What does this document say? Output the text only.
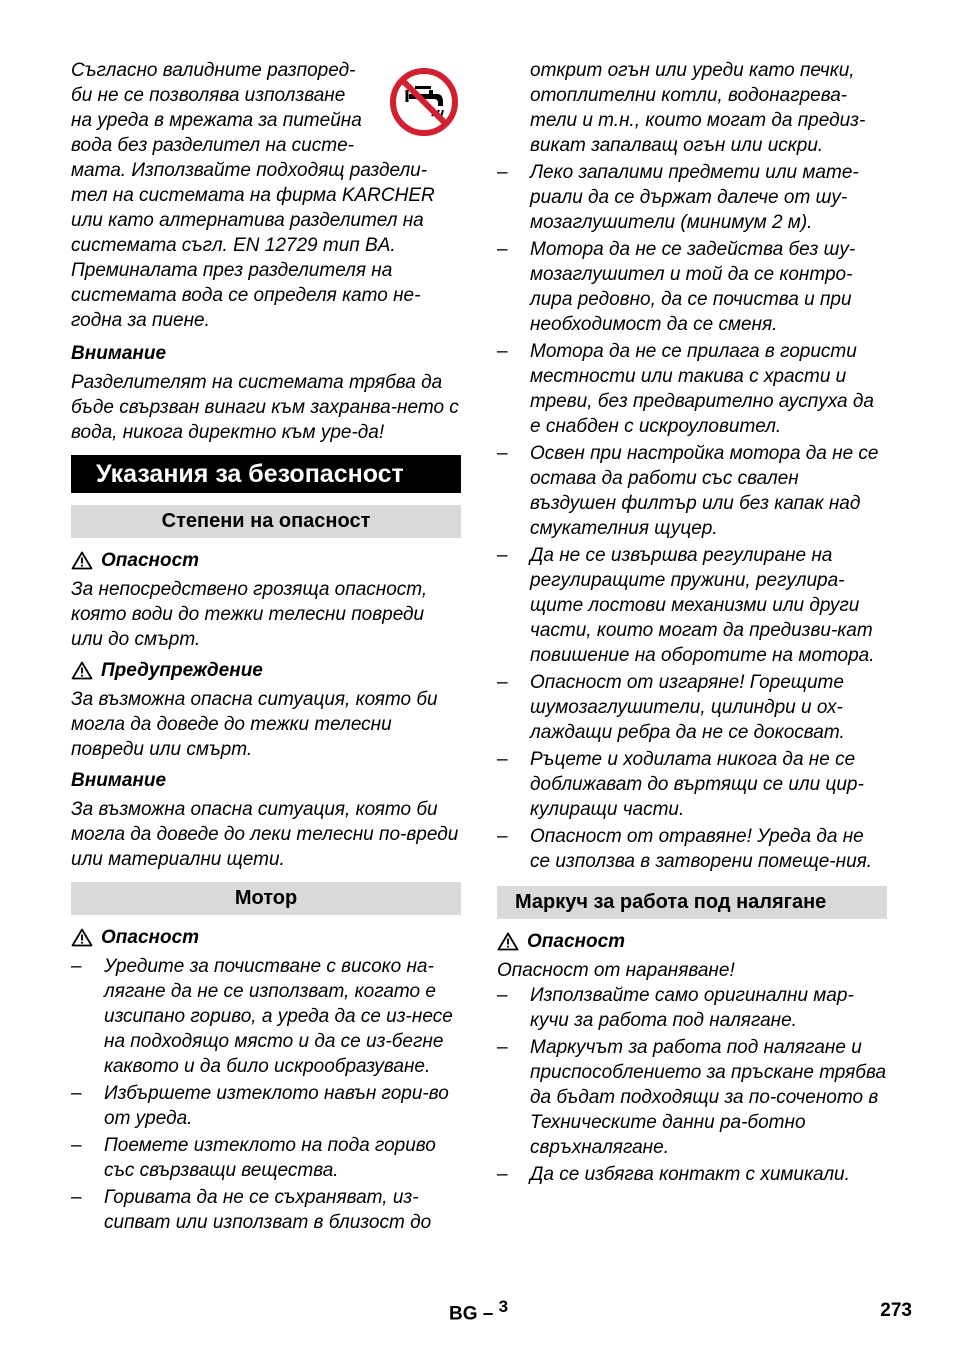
Съгласно валидните разпоред-

би не се позволява използване

на уреда в мрежата за питейна

вода без разделител на систе-

мата. Използвайте подходящ раздели-

тел на системата на фирма KARCHER

или като алтернатива разделител на

системата съгл. EN 12729 тип BA.

Преминалата през разделителя на

системата вода се определя като не-

годна за пиене.

Внимание

Разделителят на системата трябва да бъде свързван винаги към захранва-нето с вода, никога директно към уре-да!

Указания за безопасност
Степени на опасност
Опасност

За непосредствено грозяща опасност, която води до тежки телесни повреди или до смърт.

Предупреждение

За възможна опасна ситуация, която би могла да доведе до тежки телесни повреди или смърт.

Внимание

За възможна опасна ситуация, която би могла да доведе до леки телесни по-вреди или материални щети.

Мотор
Опасност
– Уредите за почистване с високо на-лягане да не се използват, когато е изсипано гориво, а уреда да се из-несе на подходящо място и да се из-бегне каквото и да било искрообразуване.
– Избършете изтеклото навън гори-во от уреда.
– Поемете изтеклото на пода гориво със свързващи вещества.
– Горивата да не се съхраняват, из-сипват или използват в близост до
открит огън или уреди като печки, отоплителни котли, водонагрева-тели и т.н., които могат да предиз-викат запалващ огън или искри.
– Леко запалими предмети или мате-риали да се държат далече от шу-мозаглушители (минимум 2 м).
– Мотора да не се задейства без шу-мозаглушител и той да се контро-лира редовно, да се почиства и при необходимост да се сменя.
– Мотора да не се прилага в гористи местности или такива с храсти и треви, без предварително ауспуха да е снабден с искроуловител.
– Освен при настройка мотора да не се остава да работи със свален въздушен филтър или без капак над смукателния щуцер.
– Да не се извършва регулиране на регулиращите пружини, регулира-щите лостови механизми или други части, които могат да предизви-кат повишение на оборотите на мотора.
– Опасност от изгаряне! Горещите шумозаглушители, цилиндри и ох-лаждащи ребра да не се докосват.
– Ръцете и ходилата никога да не се доближават до въртящи се или цир-кулиращи части.
– Опасност от отравяне! Уреда да не се използва в затворени помеще-ния.
Маркуч за работа под налягане
Опасност

Опасност от нараняване!

– Използвайте само оригинални мар-кучи за работа под налягане.
– Маркучът за работа под налягане и приспособлението за пръскане трябва да бъдат подходящи за по-соченото в Техническите данни ра-ботно свръхналягане.
– Да се избягва контакт с химикали.
BG – $^3$	273
